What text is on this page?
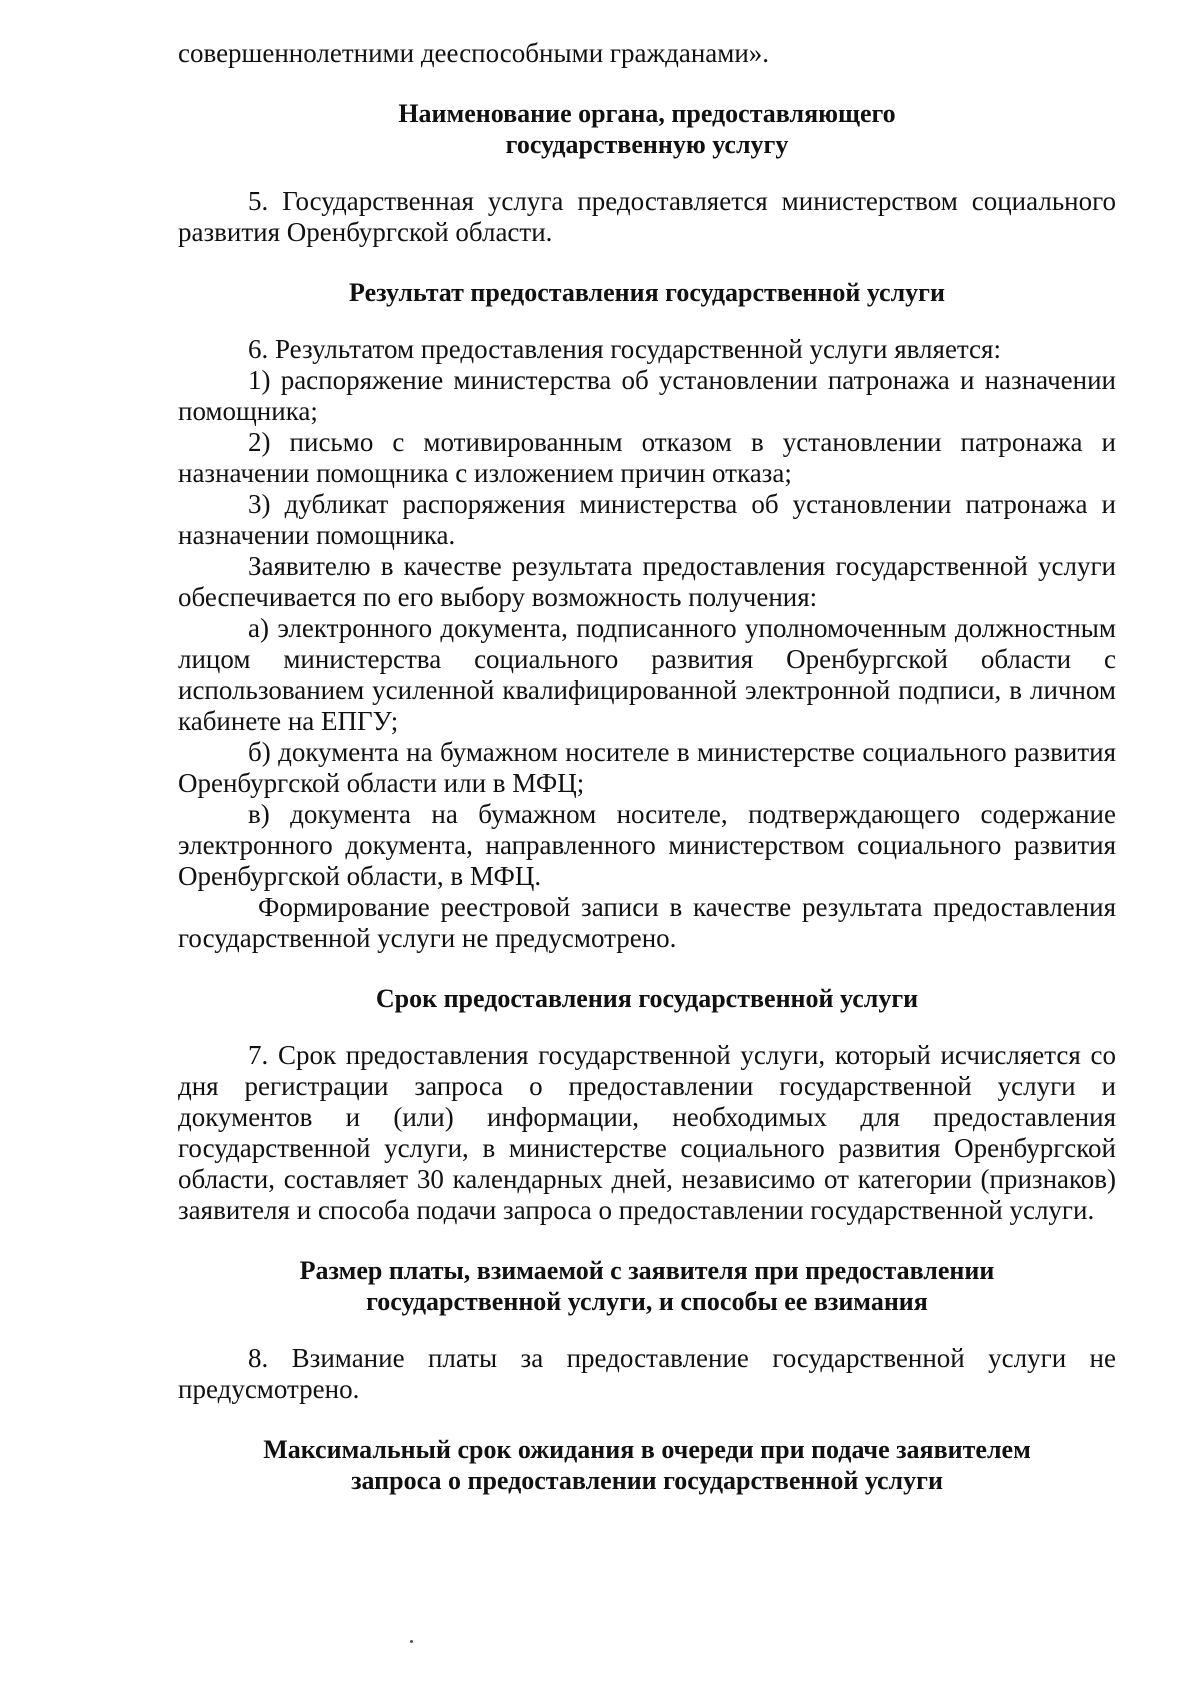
совершеннолетними дееспособными гражданами».

Наименование органа, предоставляющего

государственную услугу

5. Государственная услуга предоставляется министерством социального развития Оренбургской области.

Результат предоставления государственной услуги

6. Результатом предоставления государственной услуги является:

1) распоряжение министерства об установлении патронажа и назначении помощника;

2) письмо с мотивированным отказом в установлении патронажа и назначении помощника с изложением причин отказа;

3) дубликат распоряжения министерства об установлении патронажа и назначении помощника.

Заявителю в качестве результата предоставления государственной услуги обеспечивается по его выбору возможность получения:

а) электронного документа, подписанного уполномоченным должностным лицом министерства социального развития Оренбургской области с использованием усиленной квалифицированной электронной подписи, в личном кабинете на ЕПГУ;

б) документа на бумажном носителе в министерстве социального развития Оренбургской области или в МФЦ;

в) документа на бумажном носителе, подтверждающего содержание электронного документа, направленного министерством социального развития Оренбургской области, в МФЦ.

Формирование реестровой записи в качестве результата предоставления государственной услуги не предусмотрено.

Срок предоставления государственной услуги

7. Срок предоставления государственной услуги, который исчисляется со дня регистрации запроса о предоставлении государственной услуги и документов и (или) информации, необходимых для предоставления государственной услуги, в министерстве социального развития Оренбургской области, составляет 30 календарных дней, независимо от категории (признаков) заявителя и способа подачи запроса о предоставлении государственной услуги.

Размер платы, взимаемой с заявителя при предоставлении

государственной услуги, и способы ее взимания

8. Взимание платы за предоставление государственной услуги не предусмотрено.

Максимальный срок ожидания в очереди при подаче заявителем

запроса о предоставлении государственной услуги
